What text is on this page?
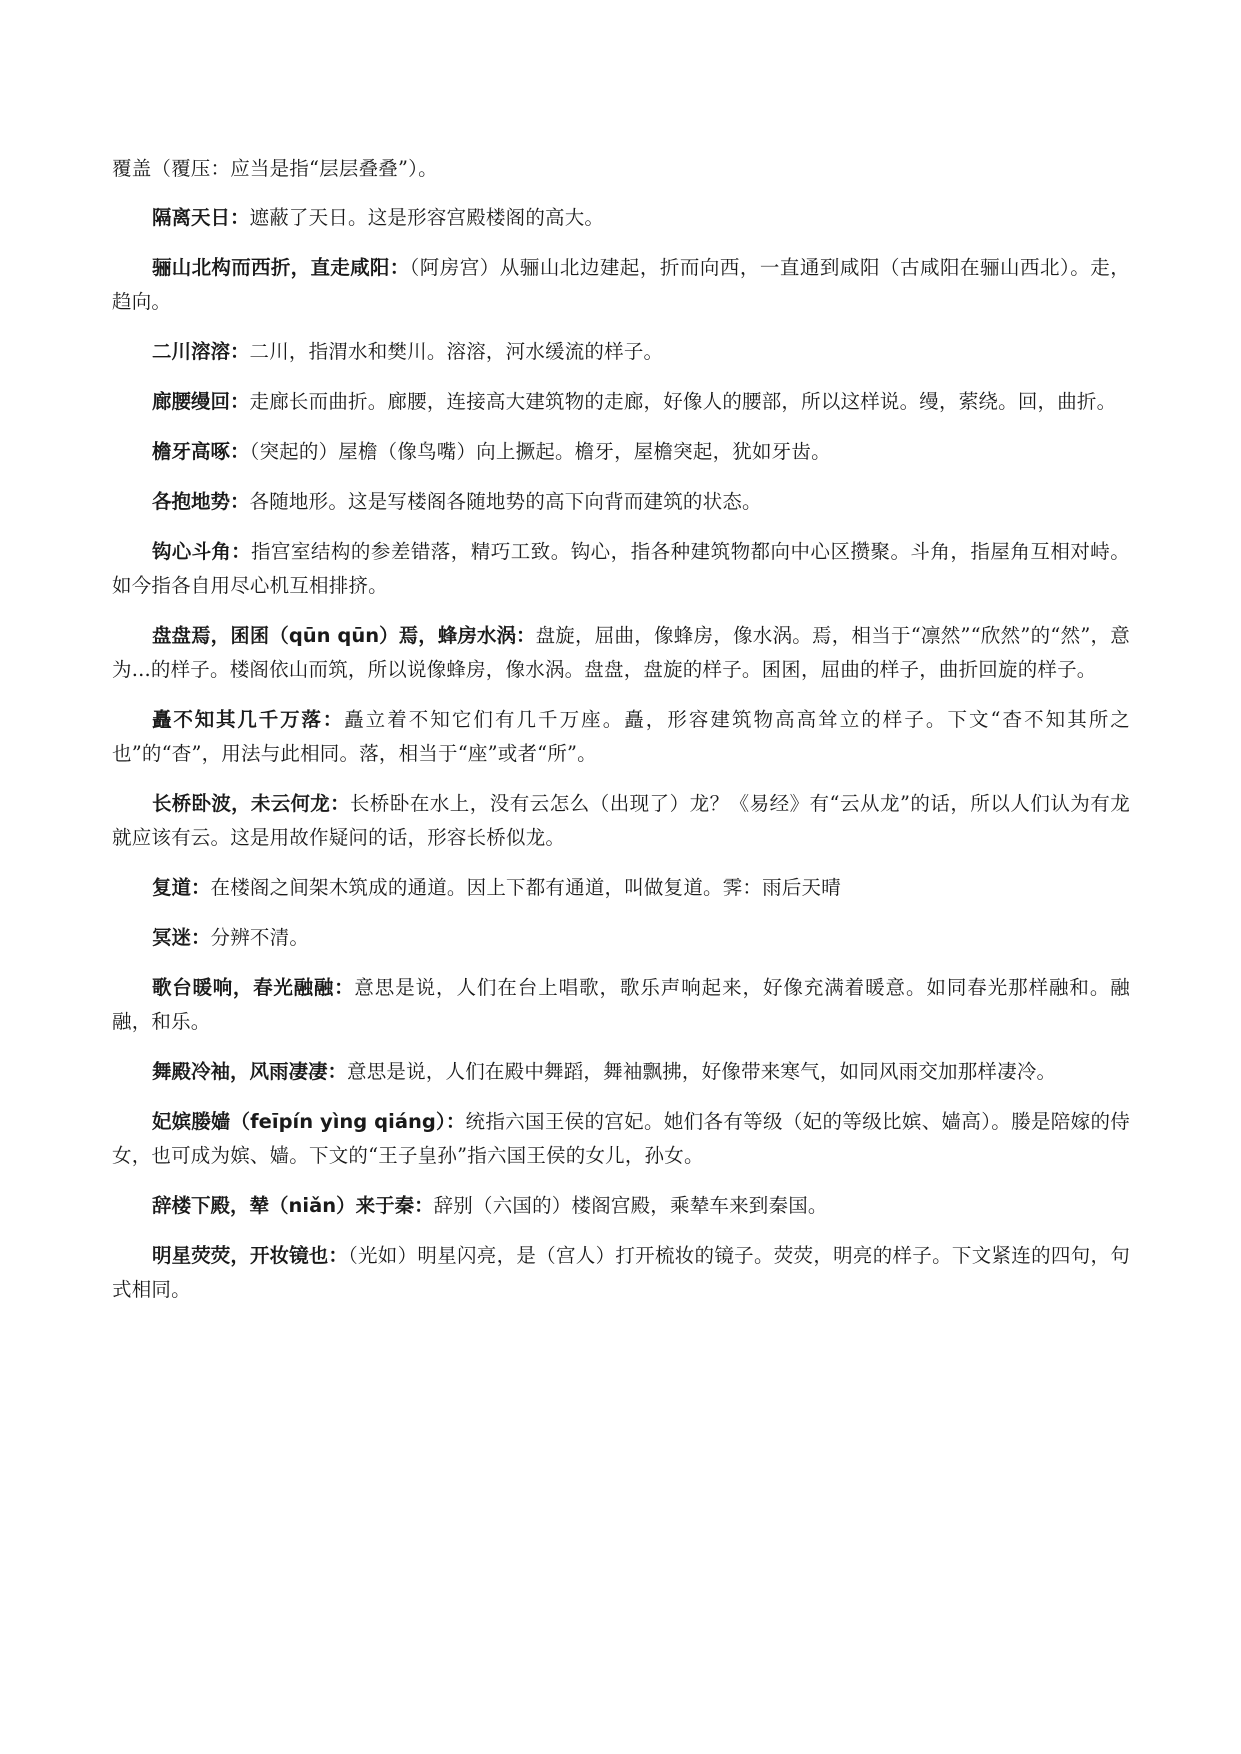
覆盖（覆压：应当是指“层层叠叠”）。

隔离天日：遮蔽了天日。这是形容宫殿楼阁的高大。

骊山北构而西折，直走咸阳：（阿房宫）从骊山北边建起，折而向西，一直通到咸阳（古咸阳在骊山西北）。走，趋向。

二川溶溶：二川，指渭水和樊川。溶溶，河水缓流的样子。

廊腰缦回：走廊长而曲折。廊腰，连接高大建筑物的走廊，好像人的腰部，所以这样说。缦，萦绕。回，曲折。

檐牙高啄：（突起的）屋檐（像鸟嘴）向上撅起。檐牙，屋檐突起，犹如牙齿。

各抱地势：各随地形。这是写楼阁各随地势的高下向背而建筑的状态。

钩心斗角：指宫室结构的参差错落，精巧工致。钩心，指各种建筑物都向中心区攒聚。斗角，指屋角互相对峙。如今指各自用尽心机互相排挤。

盘盘焉，囷囷（qūn qūn）焉，蜂房水涡：盘旋，屈曲，像蜂房，像水涡。焉，相当于“凛然”“欣然”的“然”，意为...的样子。楼阁依山而筑，所以说像蜂房，像水涡。盘盘，盘旋的样子。囷囷，屈曲的样子，曲折回旋的样子。

矗不知其几千万落：矗立着不知它们有几千万座。矗，形容建筑物高高耸立的样子。下文“杳不知其所之也”的“杳”，用法与此相同。落，相当于“座”或者“所”。

长桥卧波，未云何龙：长桥卧在水上，没有云怎么（出现了）龙？《易经》有“云从龙”的话，所以人们认为有龙就应该有云。这是用故作疑问的话，形容长桥似龙。

复道：在楼阁之间架木筑成的通道。因上下都有通道，叫做复道。霁：雨后天晴

冥迷：分辨不清。

歌台暖响，春光融融：意思是说，人们在台上唱歌，歌乐声响起来，好像充满着暖意。如同春光那样融和。融融，和乐。

舞殿冷袖，风雨凄凄：意思是说，人们在殿中舞蹈，舞袖飘拂，好像带来寒气，如同风雨交加那样凄冷。

妃嫔媵嫱（feīpín yìng qiáng）：统指六国王侯的宫妃。她们各有等级（妃的等级比嫔、嫱高）。媵是陪嫁的侍女，也可成为嫔、嫱。下文的“王子皇孙”指六国王侯的女儿，孙女。

辞楼下殿，辇（niǎn）来于秦：辞别（六国的）楼阁宫殿，乘辇车来到秦国。

明星荧荧，开妆镜也：（光如）明星闪亮，是（宫人）打开梳妆的镜子。荧荧，明亮的样子。下文紧连的四句，句式相同。
